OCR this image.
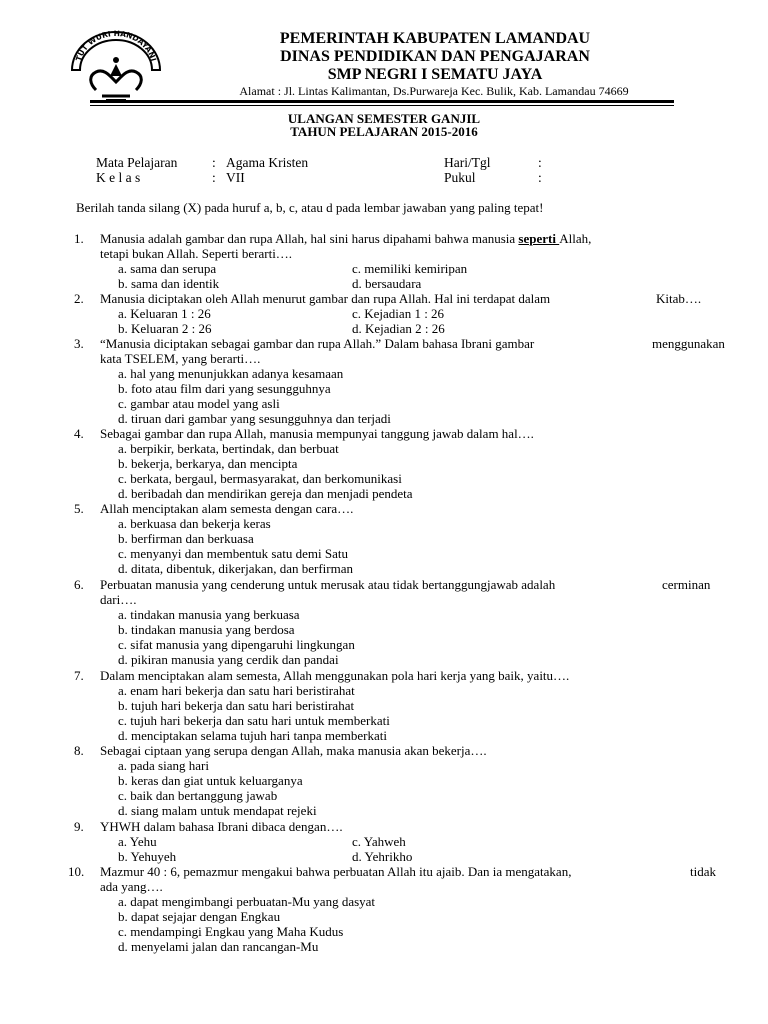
TUT WURI HANDAYANI
PEMERINTAH KABUPATEN LAMANDAU
DINAS PENDIDIKAN DAN PENGAJARAN
SMP NEGRI I SEMATU JAYA
Alamat : Jl. Lintas Kalimantan, Ds.Purwareja Kec. Bulik, Kab. Lamandau 74669
ULANGAN SEMESTER GANJIL
TAHUN PELAJARAN 2015-2016
Mata Pelajaran	: Agama Kristen	Hari/Tgl	:
K e l a s	: VII	Pukul	:
Berilah tanda silang (X) pada huruf a, b, c, atau d pada lembar jawaban yang paling tepat!
1. Manusia adalah gambar dan rupa Allah, hal sini harus dipahami bahwa manusia seperti Allah,
tetapi bukan Allah. Seperti berarti….
a. sama dan serupa	c. memiliki kemiripan
b. sama dan identik	d. bersaudara
2. Manusia diciptakan oleh Allah menurut gambar dan rupa Allah. Hal ini terdapat dalam	Kitab….
a. Keluaran 1 : 26	c. Kejadian 1 : 26
b. Keluaran 2 : 26	d. Kejadian 2 : 26
3. “Manusia diciptakan sebagai gambar dan rupa Allah.” Dalam bahasa Ibrani gambar	menggunakan
kata TSELEM, yang berarti….
a. hal yang menunjukkan adanya kesamaan
b. foto atau film dari yang sesungguhnya
c. gambar atau model yang asli
d. tiruan dari gambar yang sesungguhnya dan terjadi
4. Sebagai gambar dan rupa Allah, manusia mempunyai tanggung jawab dalam hal….
a. berpikir, berkata, bertindak, dan berbuat
b. bekerja, berkarya, dan mencipta
c. berkata, bergaul, bermasyarakat, dan berkomunikasi
d. beribadah dan mendirikan gereja dan menjadi pendeta
5. Allah menciptakan alam semesta dengan cara….
a. berkuasa dan bekerja keras
b. berfirman dan berkuasa
c. menyanyi dan membentuk satu demi Satu
d. ditata, dibentuk, dikerjakan, dan berfirman
6. Perbuatan manusia yang cenderung untuk merusak atau tidak bertanggungjawab adalah	cerminan
dari….
a. tindakan manusia yang berkuasa
b. tindakan manusia yang berdosa
c. sifat manusia yang dipengaruhi lingkungan
d. pikiran manusia yang cerdik dan pandai
7. Dalam menciptakan alam semesta, Allah menggunakan pola hari kerja yang baik, yaitu….
a. enam hari bekerja dan satu hari beristirahat
b. tujuh hari bekerja dan satu hari beristirahat
c. tujuh hari bekerja dan satu hari untuk memberkati
d. menciptakan selama tujuh hari tanpa memberkati
8. Sebagai ciptaan yang serupa dengan Allah, maka manusia akan bekerja….
a. pada siang hari
b. keras dan giat untuk keluarganya
c. baik dan bertanggung jawab
d. siang malam untuk mendapat rejeki
9. YHWH dalam bahasa Ibrani dibaca dengan….
a. Yehu	c. Yahweh
b. Yehuyeh	d. Yehrikho
10. Mazmur 40 : 6, pemazmur mengakui bahwa perbuatan Allah itu ajaib. Dan ia mengatakan,	tidak
ada yang….
a. dapat mengimbangi perbuatan-Mu yang dasyat
b. dapat sejajar dengan Engkau
c. mendampingi Engkau yang Maha Kudus
d. menyelami jalan dan rancangan-Mu
